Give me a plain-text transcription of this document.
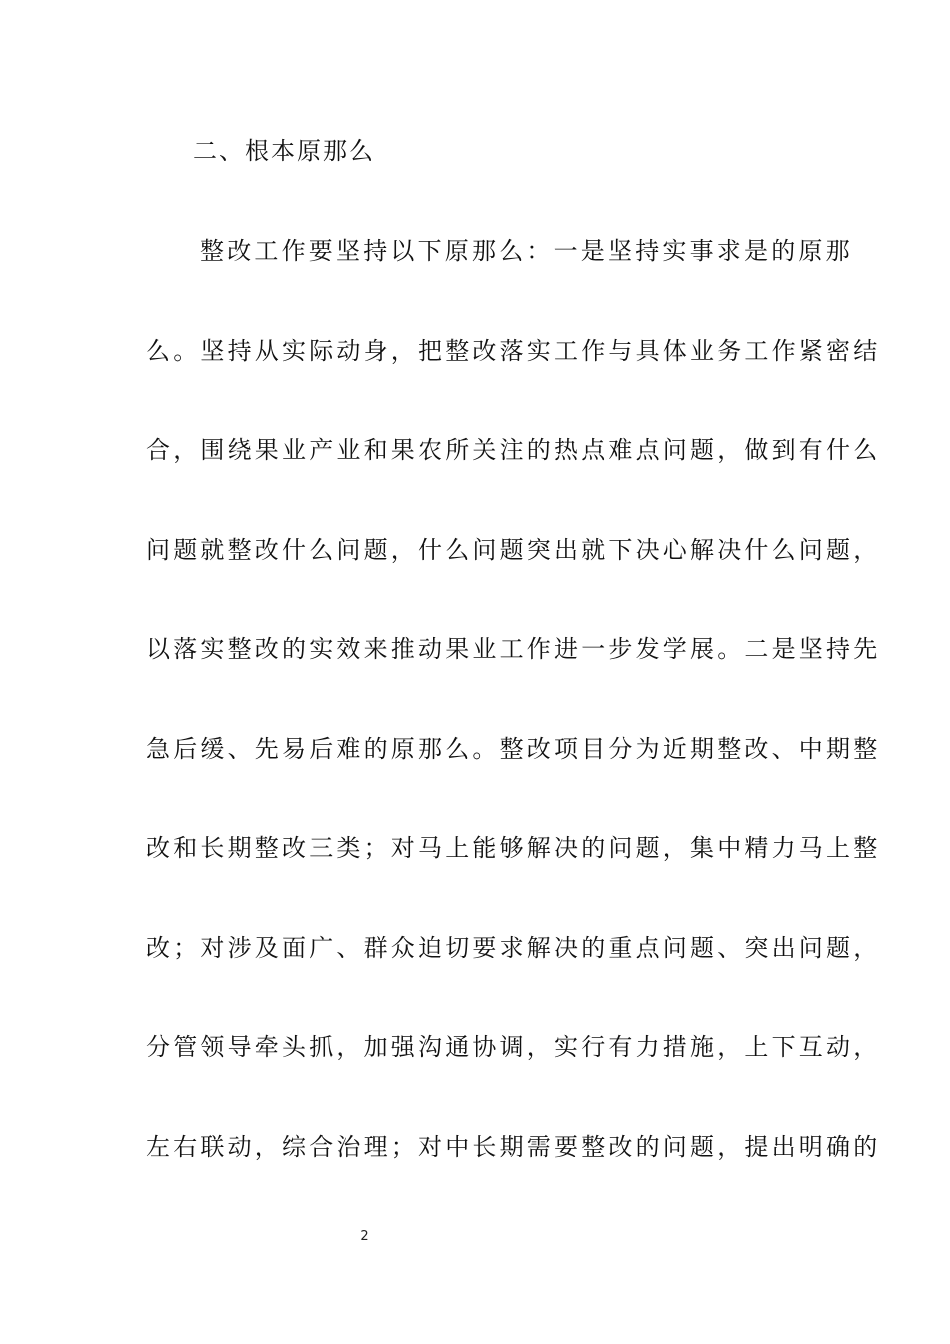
二、根本原那么
整改工作要坚持以下原那么：一是坚持实事求是的原那
么。坚持从实际动身，把整改落实工作与具体业务工作紧密结
合，围绕果业产业和果农所关注的热点难点问题，做到有什么
问题就整改什么问题，什么问题突出就下决心解决什么问题，
以落实整改的实效来推动果业工作进一步发学展。二是坚持先
急后缓、先易后难的原那么。整改项目分为近期整改、中期整
改和长期整改三类；对马上能够解决的问题，集中精力马上整
改；对涉及面广、群众迫切要求解决的重点问题、突出问题，
分管领导牵头抓，加强沟通协调，实行有力措施，上下互动，
左右联动，综合治理；对中长期需要整改的问题，提出明确的
2
